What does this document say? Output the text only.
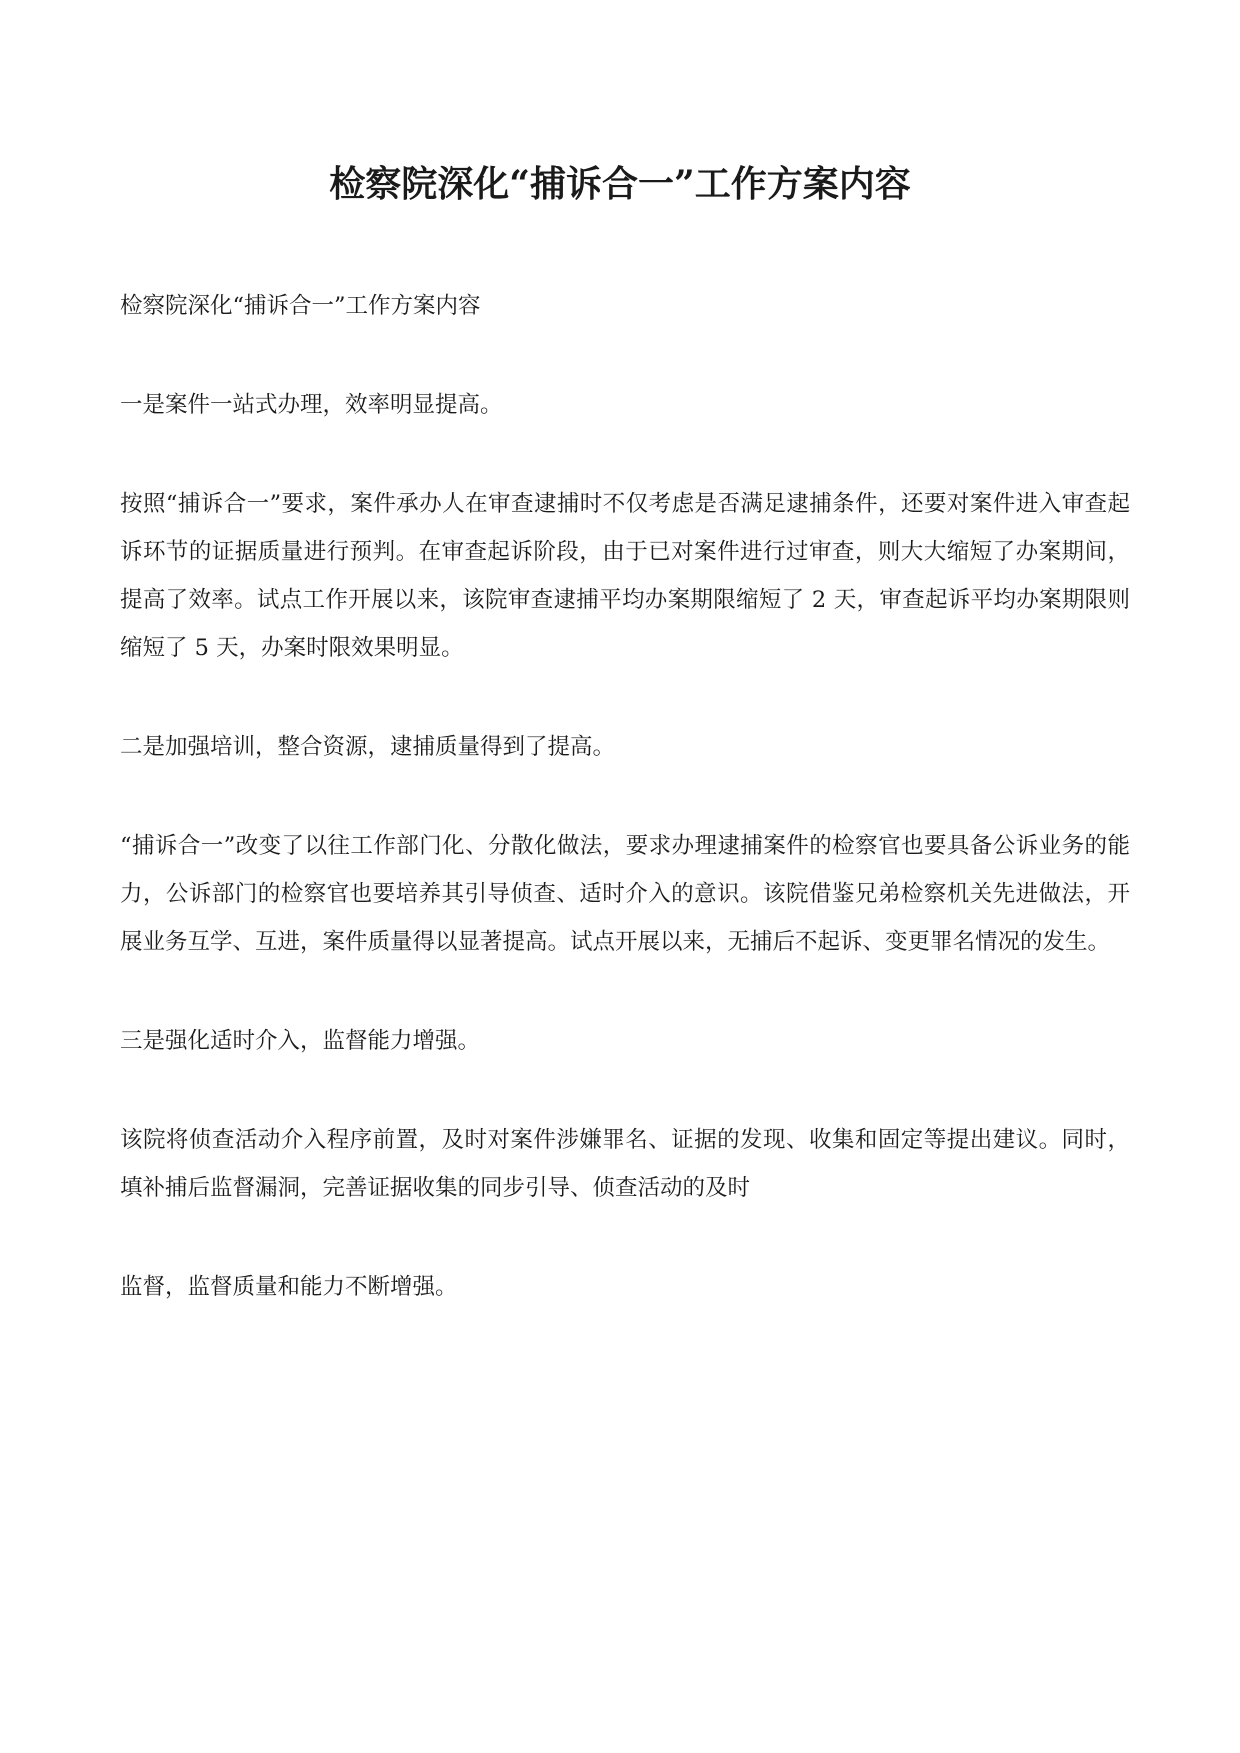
检察院深化“捕诉合一”工作方案内容

检察院深化“捕诉合一”工作方案内容

一是案件一站式办理，效率明显提高。

按照“捕诉合一”要求，案件承办人在审查逮捕时不仅考虑是否满足逮捕条件，还要对案件进入审查起诉环节的证据质量进行预判。在审查起诉阶段，由于已对案件进行过审查，则大大缩短了办案期间，提高了效率。试点工作开展以来，该院审查逮捕平均办案期限缩短了 2 天，审查起诉平均办案期限则缩短了 5 天，办案时限效果明显。

二是加强培训，整合资源，逮捕质量得到了提高。

“捕诉合一”改变了以往工作部门化、分散化做法，要求办理逮捕案件的检察官也要具备公诉业务的能力，公诉部门的检察官也要培养其引导侦查、适时介入的意识。该院借鉴兄弟检察机关先进做法，开展业务互学、互进，案件质量得以显著提高。试点开展以来，无捕后不起诉、变更罪名情况的发生。

三是强化适时介入，监督能力增强。

该院将侦查活动介入程序前置，及时对案件涉嫌罪名、证据的发现、收集和固定等提出建议。同时，填补捕后监督漏洞，完善证据收集的同步引导、侦查活动的及时

监督，监督质量和能力不断增强。
